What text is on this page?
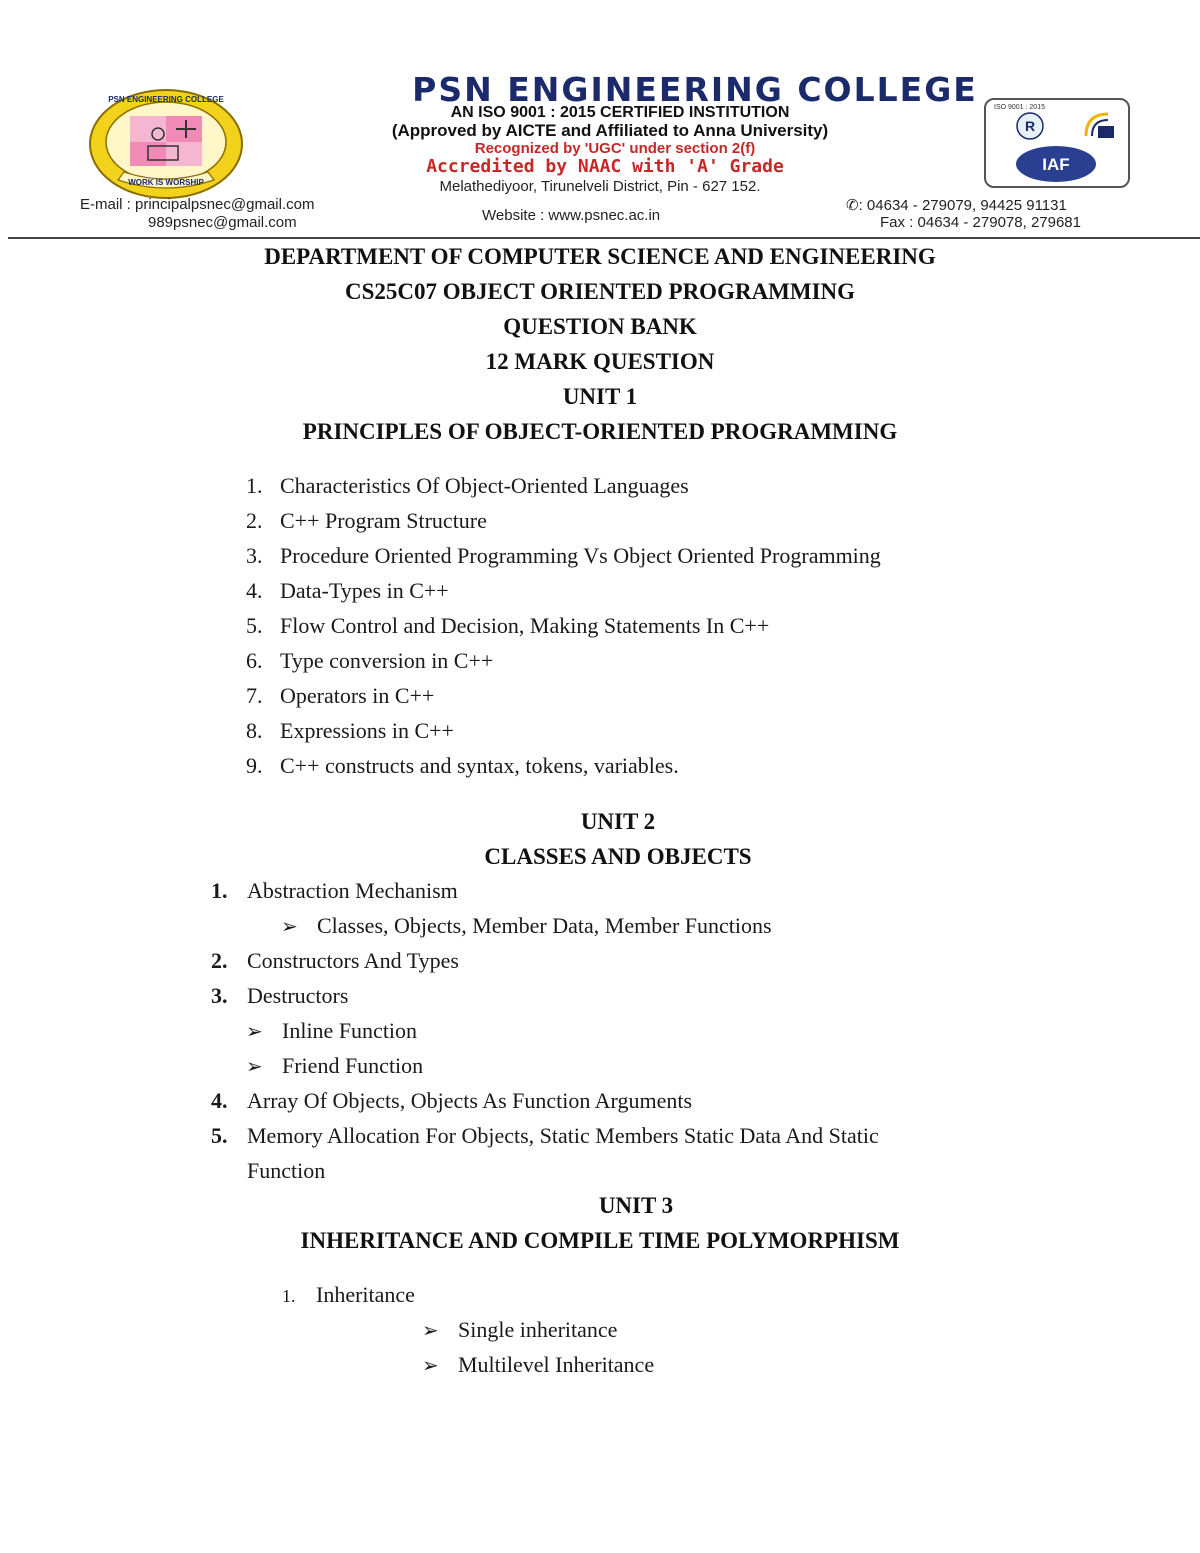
WORK IS WORSHIP
PSN ENGINEERING COLLEGE	PSN ENGINEERING COLLEGE
AN ISO 9001 : 2015 CERTIFIED INSTITUTION
(Approved by AICTE and Affiliated to Anna University)
Recognized by 'UGC' under section 2(f)
Accredited by NAAC with 'A' Grade
Melathediyoor, Tirunelveli District, Pin - 627 152.
ISO 9001 : 2015
R
IAF
E-mail : principalpsnec@gmail.com
989psnec@gmail.com	Website : www.psnec.ac.in
✆: 04634 - 279079, 94425 91131
Fax : 04634 - 279078, 279681
DEPARTMENT OF COMPUTER SCIENCE AND ENGINEERING
CS25C07 OBJECT ORIENTED PROGRAMMING
QUESTION BANK
12 MARK QUESTION
UNIT 1
PRINCIPLES OF OBJECT-ORIENTED PROGRAMMING
1. Characteristics Of Object-Oriented Languages
2. C++ Program Structure
3. Procedure Oriented Programming Vs Object Oriented Programming
4. Data-Types in C++
5. Flow Control and Decision, Making Statements In C++
6. Type conversion in C++
7. Operators in C++
8. Expressions in C++
9. C++ constructs and syntax, tokens, variables.
UNIT 2
CLASSES AND OBJECTS
1. Abstraction Mechanism
➢ Classes, Objects, Member Data, Member Functions
2. Constructors And Types
3. Destructors
➢ Inline Function
➢ Friend Function
4. Array Of Objects, Objects As Function Arguments
5. Memory Allocation For Objects, Static Members Static Data And Static
Function
UNIT 3
INHERITANCE AND COMPILE TIME POLYMORPHISM
1. Inheritance
➢ Single inheritance
➢ Multilevel Inheritance
